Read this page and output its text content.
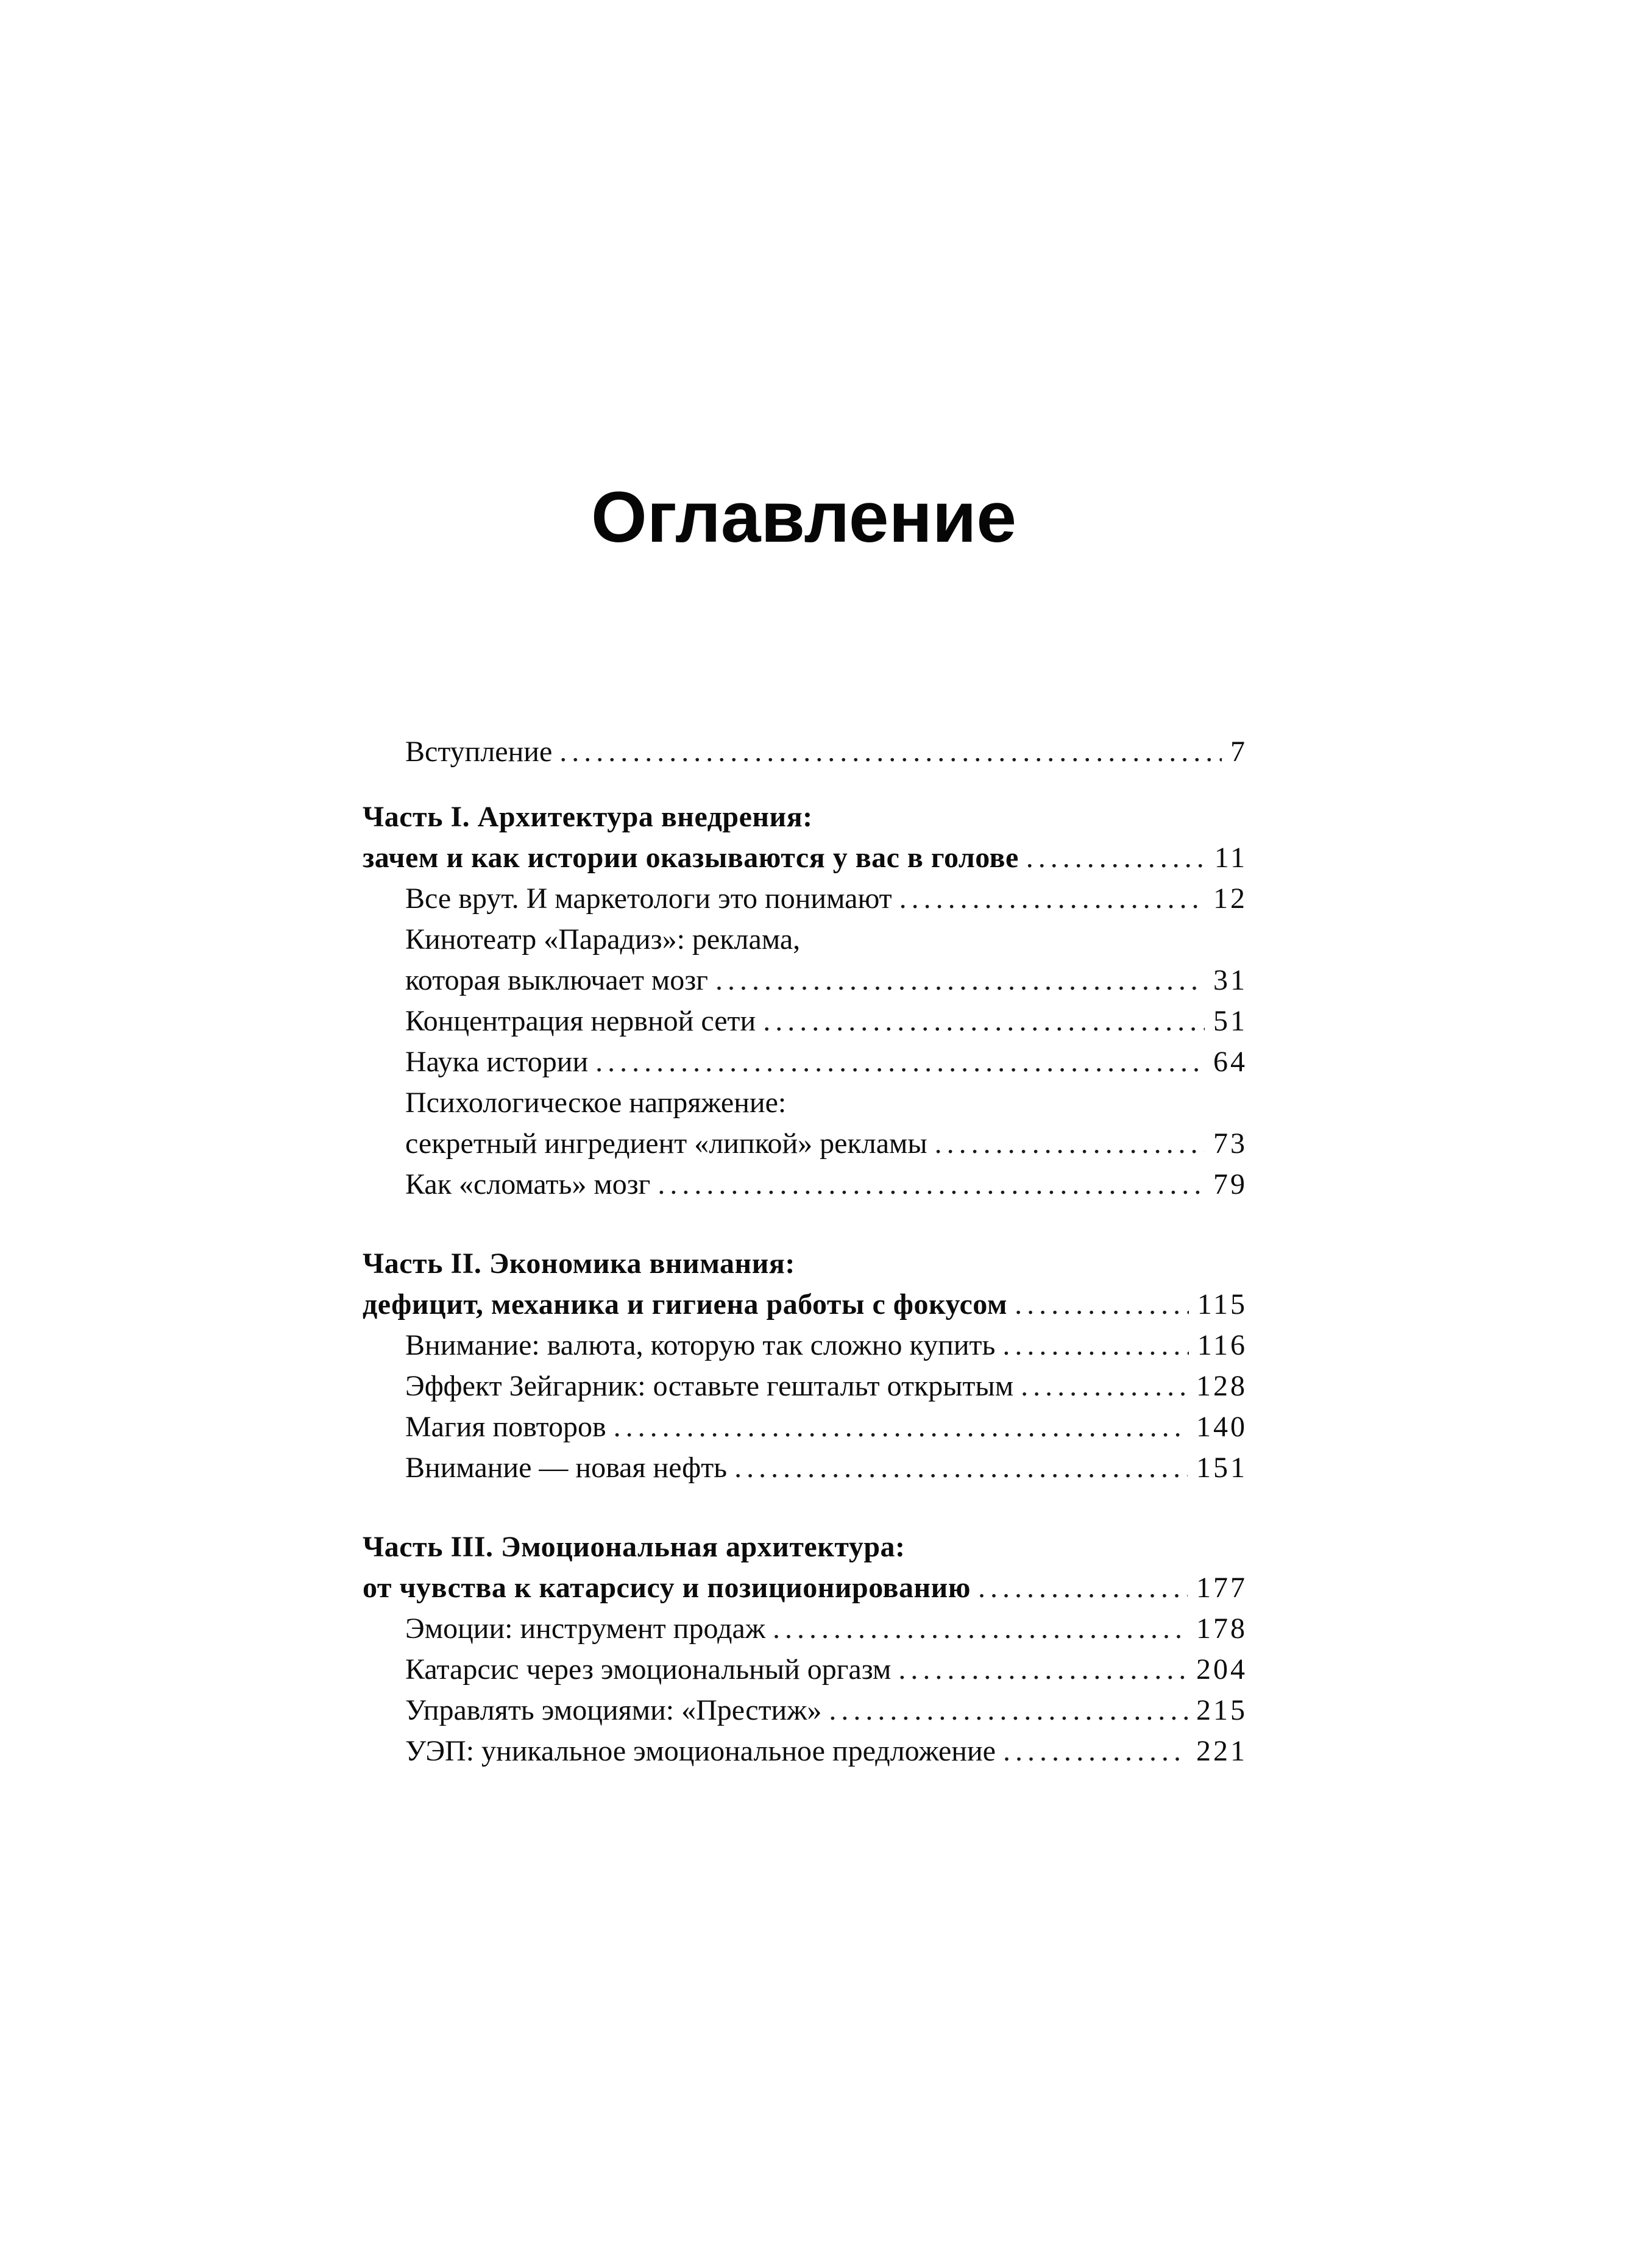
Оглавление
Вступление .....	7
Часть I. Архитектура внедрения:
зачем и как истории оказываются у вас в голове .....	11
Все врут. И маркетологи это понимают .....	12
Кинотеатр «Парадиз»: реклама,
которая выключает мозг .....	31
Концентрация нервной сети .....	51
Наука истории .....	64
Психологическое напряжение:
секретный ингредиент «липкой» рекламы .....	73
Как «сломать» мозг .....	79
Часть II. Экономика внимания:
дефицит, механика и гигиена работы с фокусом .....	115
Внимание: валюта, которую так сложно купить .....	116
Эффект Зейгарник: оставьте гештальт открытым .....	128
Магия повторов .....	140
Внимание — новая нефть .....	151
Часть III. Эмоциональная архитектура:
от чувства к катарсису и позиционированию .....	177
Эмоции: инструмент продаж .....	178
Катарсис через эмоциональный оргазм .....	204
Управлять эмоциями: «Престиж» .....	215
УЭП: уникальное эмоциональное предложение .....	221
